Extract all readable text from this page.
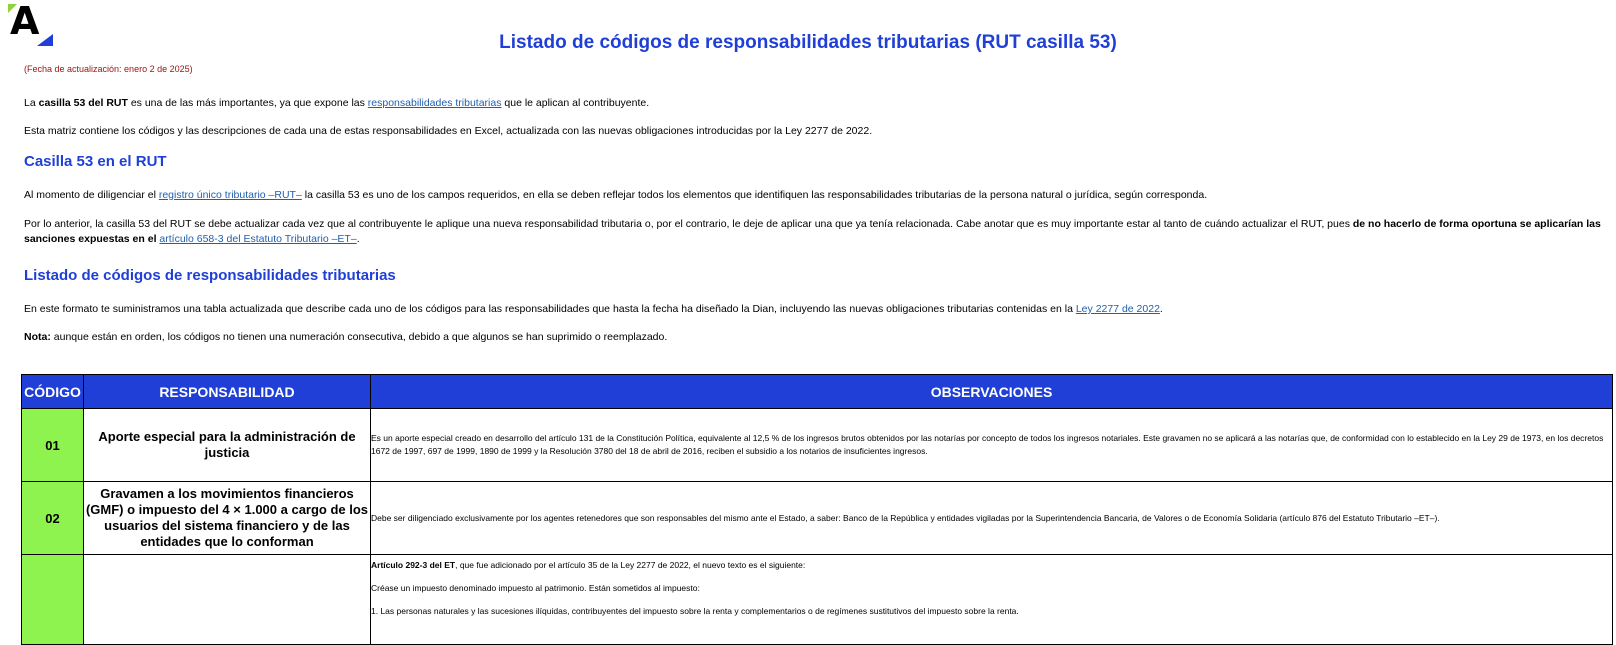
A	Listado de códigos de responsabilidades tributarias (RUT casilla 53)
(Fecha de actualización: enero 2 de 2025)
La casilla 53 del RUT es una de las más importantes, ya que expone las responsabilidades tributarias que le aplican al contribuyente.
Esta matriz contiene los códigos y las descripciones de cada una de estas responsabilidades en Excel, actualizada con las nuevas obligaciones introducidas por la Ley 2277 de 2022.
Casilla 53 en el RUT
Al momento de diligenciar el registro único tributario –RUT– la casilla 53 es uno de los campos requeridos, en ella se deben reflejar todos los elementos que identifiquen las responsabilidades tributarias de la persona natural o jurídica, según corresponda.
Por lo anterior, la casilla 53 del RUT se debe actualizar cada vez que al contribuyente le aplique una nueva responsabilidad tributaria o, por el contrario, le deje de aplicar una que ya tenía relacionada. Cabe anotar que es muy importante estar al tanto de cuándo actualizar el RUT, pues de no hacerlo de forma oportuna se aplicarían las sanciones expuestas en el artículo 658-3 del Estatuto Tributario –ET–.
Listado de códigos de responsabilidades tributarias
En este formato te suministramos una tabla actualizada que describe cada uno de los códigos para las responsabilidades que hasta la fecha ha diseñado la Dian, incluyendo las nuevas obligaciones tributarias contenidas en la Ley 2277 de 2022.
Nota: aunque están en orden, los códigos no tienen una numeración consecutiva, debido a que algunos se han suprimido o reemplazado.
CÓDIGO	RESPONSABILIDAD	OBSERVACIONES
01	Aporte especial para la administración de justicia	Es un aporte especial creado en desarrollo del artículo 131 de la Constitución Política, equivalente al 12,5 % de los ingresos brutos obtenidos por las notarías por concepto de todos los ingresos notariales. Este gravamen no se aplicará a las notarías que, de conformidad con lo establecido en la Ley 29 de 1973, en los decretos 1672 de 1997, 697 de 1999, 1890 de 1999 y la Resolución 3780 del 18 de abril de 2016, reciben el subsidio a los notarios de insuficientes ingresos.
02	Gravamen a los movimientos financieros (GMF) o impuesto del 4 × 1.000 a cargo de los usuarios del sistema financiero y de las entidades que lo conforman	Debe ser diligenciado exclusivamente por los agentes retenedores que son responsables del mismo ante el Estado, a saber: Banco de la República y entidades vigiladas por la Superintendencia Bancaria, de Valores o de Economía Solidaria (artículo 876 del Estatuto Tributario –ET–).

		Artículo 292-3 del ET, que fue adicionado por el artículo 35 de la Ley 2277 de 2022, el nuevo texto es el siguiente:

Créase un impuesto denominado impuesto al patrimonio. Están sometidos al impuesto:

1. Las personas naturales y las sucesiones ilíquidas, contribuyentes del impuesto sobre la renta y complementarios o de regímenes sustitutivos del impuesto sobre la renta.
